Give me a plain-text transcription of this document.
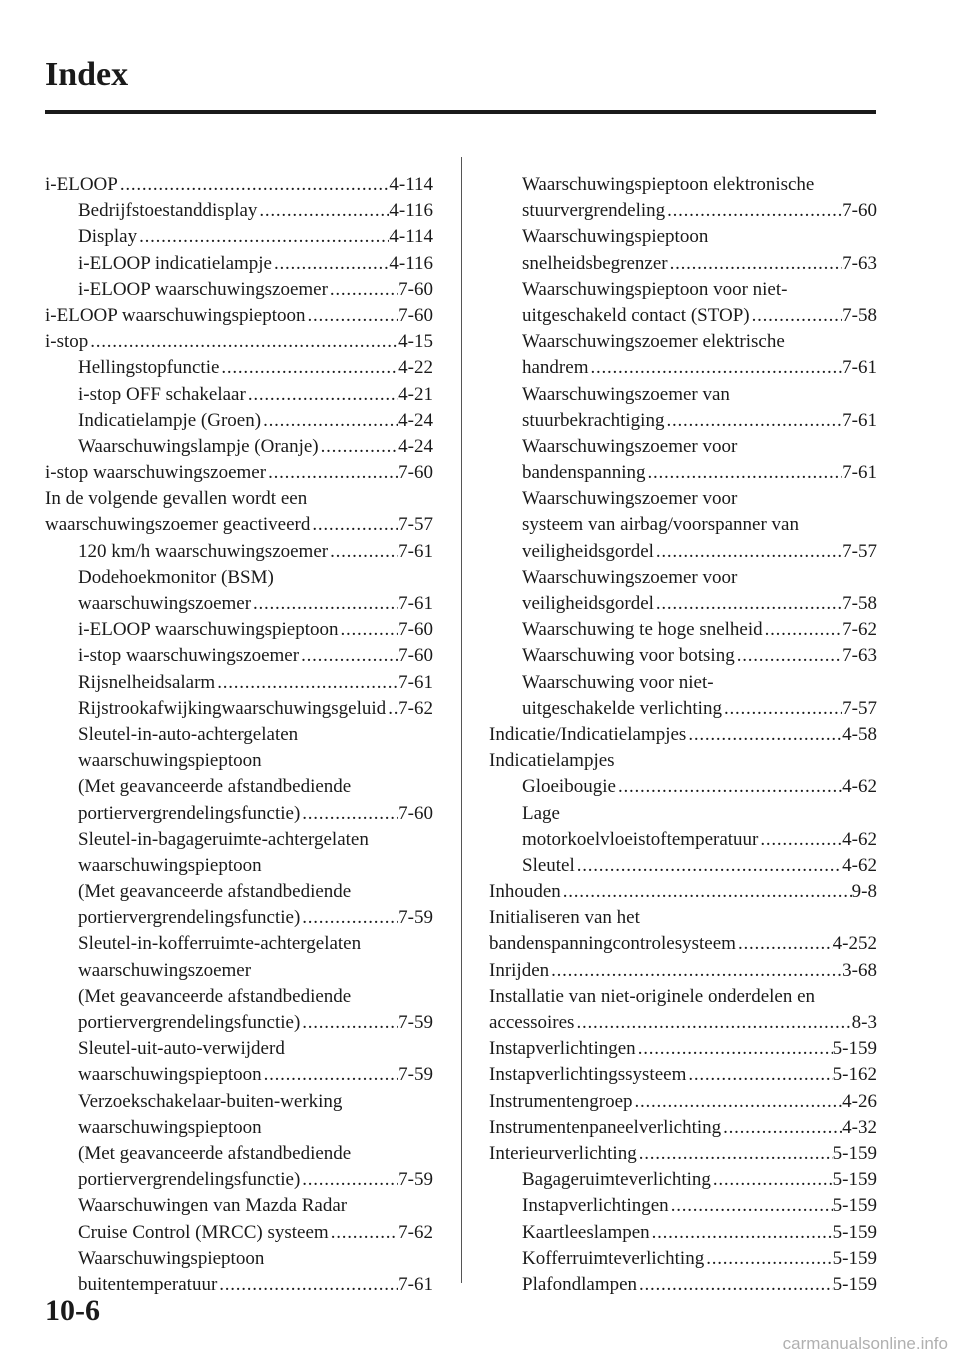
Index
i-ELOOP . . .	4-114
Bedrijfstoestanddisplay . . .	4-116
Display . . .	4-114
i-ELOOP indicatielampje . . .	4-116
i-ELOOP waarschuwingszoemer . . .	7-60
i-ELOOP waarschuwingspieptoon . . .	7-60
i-stop . . .	4-15
Hellingstopfunctie . . .	4-22
i-stop OFF schakelaar . . .	4-21
Indicatielampje (Groen) . . .	4-24
Waarschuwingslampje (Oranje) . . .	4-24
i-stop waarschuwingszoemer . . .	7-60
In de volgende gevallen wordt een
waarschuwingszoemer geactiveerd . . .	7-57
120 km/h waarschuwingszoemer . . .	7-61
Dodehoekmonitor (BSM)
waarschuwingszoemer . . .	7-61
i-ELOOP waarschuwingspieptoon . . .	7-60
i-stop waarschuwingszoemer . . .	7-60
Rijsnelheidsalarm . . .	7-61
Rijstrookafwijkingwaarschuwingsgeluid . . . 7-62
Sleutel-in-auto-achtergelaten
waarschuwingspieptoon
(Met geavanceerde afstandbediende
portiervergrendelingsfunctie) . . .	7-60
Sleutel-in-bagageruimte-achtergelaten
waarschuwingspieptoon
(Met geavanceerde afstandbediende
portiervergrendelingsfunctie) . . .	7-59
Sleutel-in-kofferruimte-achtergelaten
waarschuwingszoemer
(Met geavanceerde afstandbediende
portiervergrendelingsfunctie) . . .	7-59
Sleutel-uit-auto-verwijderd
waarschuwingspieptoon . . .	7-59
Verzoekschakelaar-buiten-werking
waarschuwingspieptoon
(Met geavanceerde afstandbediende
portiervergrendelingsfunctie) . . .	7-59
Waarschuwingen van Mazda Radar
Cruise Control (MRCC) systeem . . .	7-62
Waarschuwingspieptoon
buitentemperatuur . . .	7-61
Waarschuwingspieptoon elektronische
stuurvergrendeling . . .	7-60
Waarschuwingspieptoon
snelheidsbegrenzer . . .	7-63
Waarschuwingspieptoon voor niet-
uitgeschakeld contact (STOP) . . .	7-58
Waarschuwingszoemer elektrische
handrem . . .	7-61
Waarschuwingszoemer van
stuurbekrachtiging . . .	7-61
Waarschuwingszoemer voor
bandenspanning . . .	7-61
Waarschuwingszoemer voor
systeem van airbag/voorspanner van
veiligheidsgordel . . .	7-57
Waarschuwingszoemer voor
veiligheidsgordel . . .	7-58
Waarschuwing te hoge snelheid . . .	7-62
Waarschuwing voor botsing . . .	7-63
Waarschuwing voor niet-
uitgeschakelde verlichting . . .	7-57
Indicatie/Indicatielampjes . . .	4-58
Indicatielampjes
Gloeibougie . . .	4-62
Lage
motorkoelvloeistoftemperatuur . . .	4-62
Sleutel . . .	4-62
Inhouden . . .	9-8
Initialiseren van het
bandenspanningcontrolesysteem . . .	4-252
Inrijden . . .	3-68
Installatie van niet-originele onderdelen en
accessoires . . .	8-3
Instapverlichtingen . . .	5-159
Instapverlichtingssysteem . . .	5-162
Instrumentengroep . . .	4-26
Instrumentenpaneelverlichting . . .	4-32
Interieurverlichting . . .	5-159
Bagageruimteverlichting . . .	5-159
Instapverlichtingen . . .	5-159
Kaartleeslampen . . .	5-159
Kofferruimteverlichting . . .	5-159
Plafondlampen . . .	5-159
10-6
carmanualsonline.info
